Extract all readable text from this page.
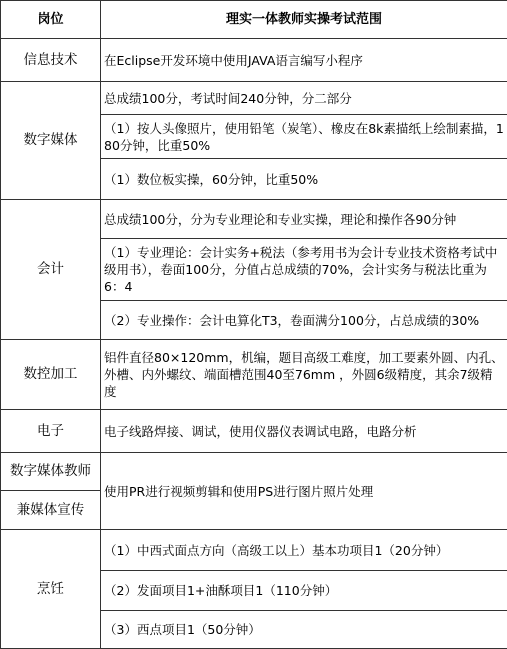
岗位	理实一体教师实操考试范围
信息技术	在Eclipse开发环境中使用JAVA语言编写小程序
数字媒体	总成绩100分，考试时间240分钟，分二部分
	（1）按人头像照片，使用铅笔（炭笔）、橡皮在8k素描纸上绘制素描，180分钟，比重50%
	（1）数位板实操，60分钟，比重50%
会计	总成绩100分，分为专业理论和专业实操，理论和操作各90分钟
	（1）专业理论：会计实务+税法（参考用书为会计专业技术资格考试中级用书），卷面100分，分值占总成绩的70%，会计实务与税法比重为6：4
	（2）专业操作：会计电算化T3，卷面满分100分，占总成绩的30%
数控加工	铝件直径80×120mm，机编，题目高级工难度，加工要素外圆、内孔、外槽、内外螺纹、端面槽范围40至76mm ，外圆6级精度，其余7级精度
电子	电子线路焊接、调试，使用仪器仪表调试电路，电路分析
数字媒体教师	使用PR进行视频剪辑和使用PS进行图片照片处理
兼媒体宣传	
烹饪	（1）中西式面点方向（高级工以上）基本功项目1（20分钟）
	（2）发面项目1+油酥项目1（110分钟）
	（3）西点项目1（50分钟）
